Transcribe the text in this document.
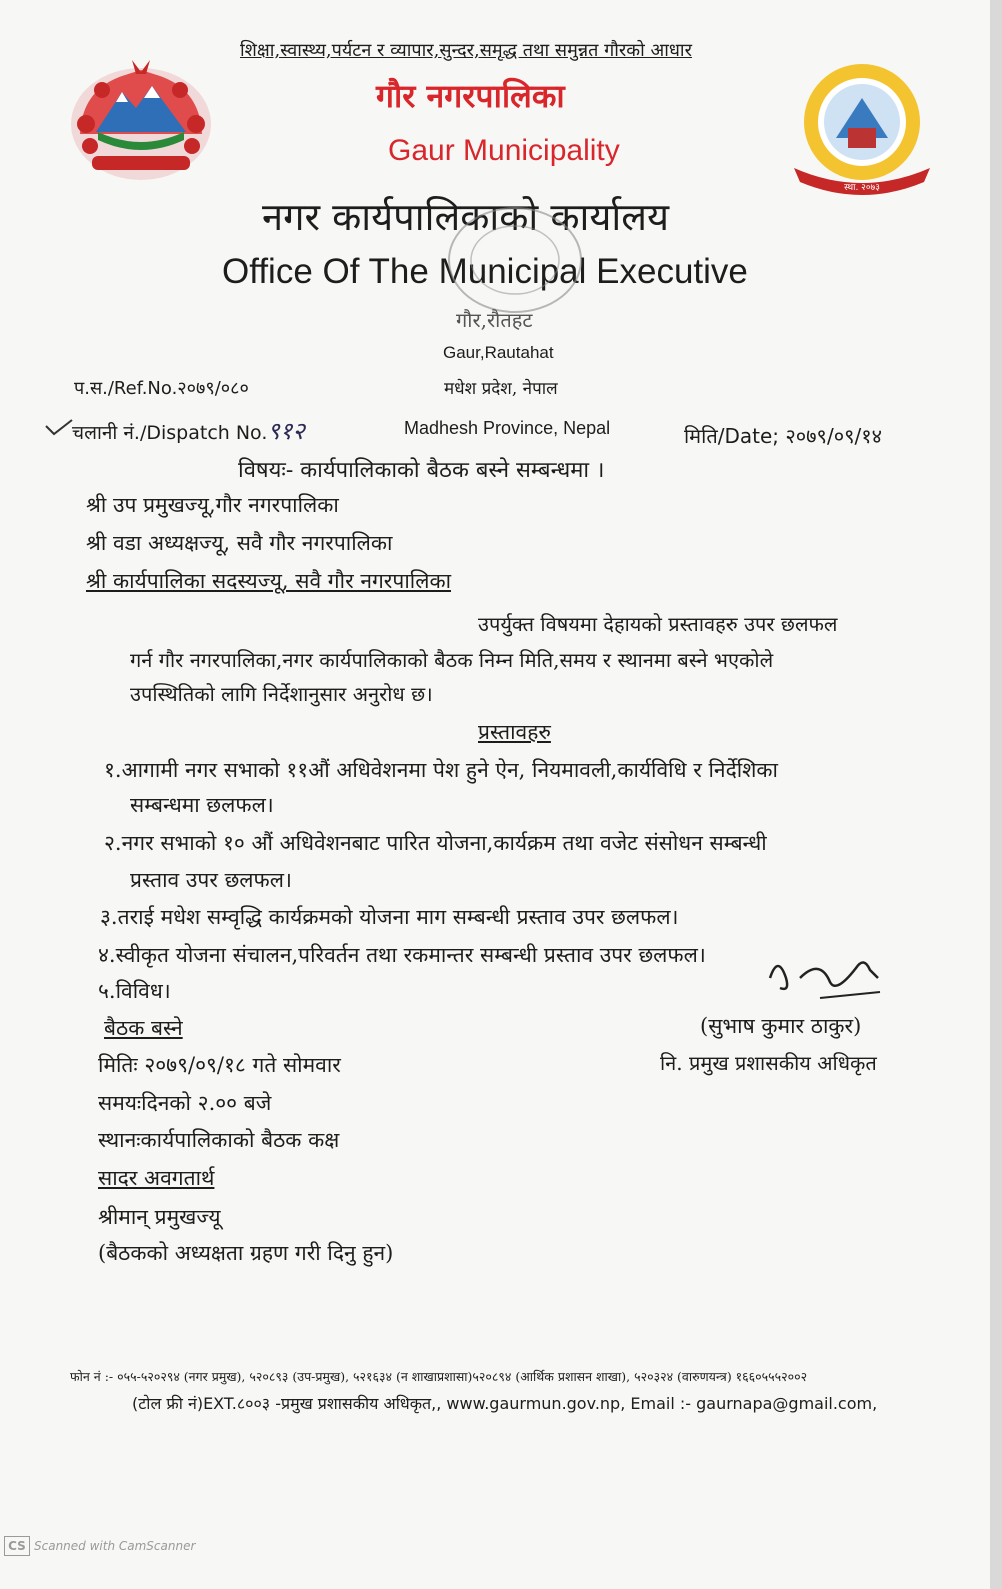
स्था. २०७३
शिक्षा,स्वास्थ्य,पर्यटन र व्यापार,सुन्दर,समृद्ध तथा समुन्नत गौरको आधार
गौर नगरपालिका
Gaur Municipality
नगर कार्यपालिकाको कार्यालय
Office Of The Municipal Executive
गौर,रौतहट
Gaur,Rautahat
प.स./Ref.No.२०७९/०८०	मधेश प्रदेश, नेपाल
चलानी नं./Dispatch No.९१२	Madhesh Province, Nepal	मिति/Date; २०७९/०९/१४
विषयः- कार्यपालिकाको बैठक बस्ने सम्बन्धमा ।
श्री उप प्रमुखज्यू,गौर नगरपालिका
श्री वडा अध्यक्षज्यू, सवै गौर नगरपालिका
श्री कार्यपालिका सदस्यज्यू, सवै गौर नगरपालिका
उपर्युक्त विषयमा देहायको प्रस्तावहरु उपर छलफल
गर्न गौर नगरपालिका,नगर कार्यपालिकाको बैठक निम्न मिति,समय र स्थानमा बस्ने भएकोले
उपस्थितिको लागि निर्देशानुसार अनुरोध छ।
प्रस्तावहरु
१.आगामी नगर सभाको ११औं अधिवेशनमा पेश हुने ऐन, नियमावली,कार्यविधि र निर्देशिका
सम्बन्धमा छलफल।
२.नगर सभाको १० औं अधिवेशनबाट पारित योजना,कार्यक्रम तथा वजेट संसोधन सम्बन्धी
प्रस्ताव उपर छलफल।
३.तराई मधेश सम्वृद्धि कार्यक्रमको योजना माग सम्बन्धी प्रस्ताव उपर छलफल।
४.स्वीकृत योजना संचालन,परिवर्तन तथा रकमान्तर सम्बन्धी प्रस्ताव उपर छलफल।
५.विविध।
बैठक बस्ने
मितिः २०७९/०९/१८ गते सोमवार
समयःदिनको २.०० बजे
स्थानःकार्यपालिकाको बैठक कक्ष
सादर अवगतार्थ
श्रीमान् प्रमुखज्यू
(बैठकको अध्यक्षता ग्रहण गरी दिनु हुन)
(सुभाष कुमार ठाकुर)
नि. प्रमुख प्रशासकीय अधिकृत
फोन नं :- ०५५-५२०२९४ (नगर प्रमुख), ५२०८९३ (उप-प्रमुख), ५२१६३४ (न शाखाप्रशासा)५२०८९४ (आर्थिक प्रशासन शाखा), ५२०३२४ (वारुणयन्त्र) १६६०५५५२००२
(टोल फ्री नं)EXT.८००३ -प्रमुख प्रशासकीय अधिकृत,, www.gaurmun.gov.np, Email :- gaurnapa@gmail.com,
CS Scanned with CamScanner
